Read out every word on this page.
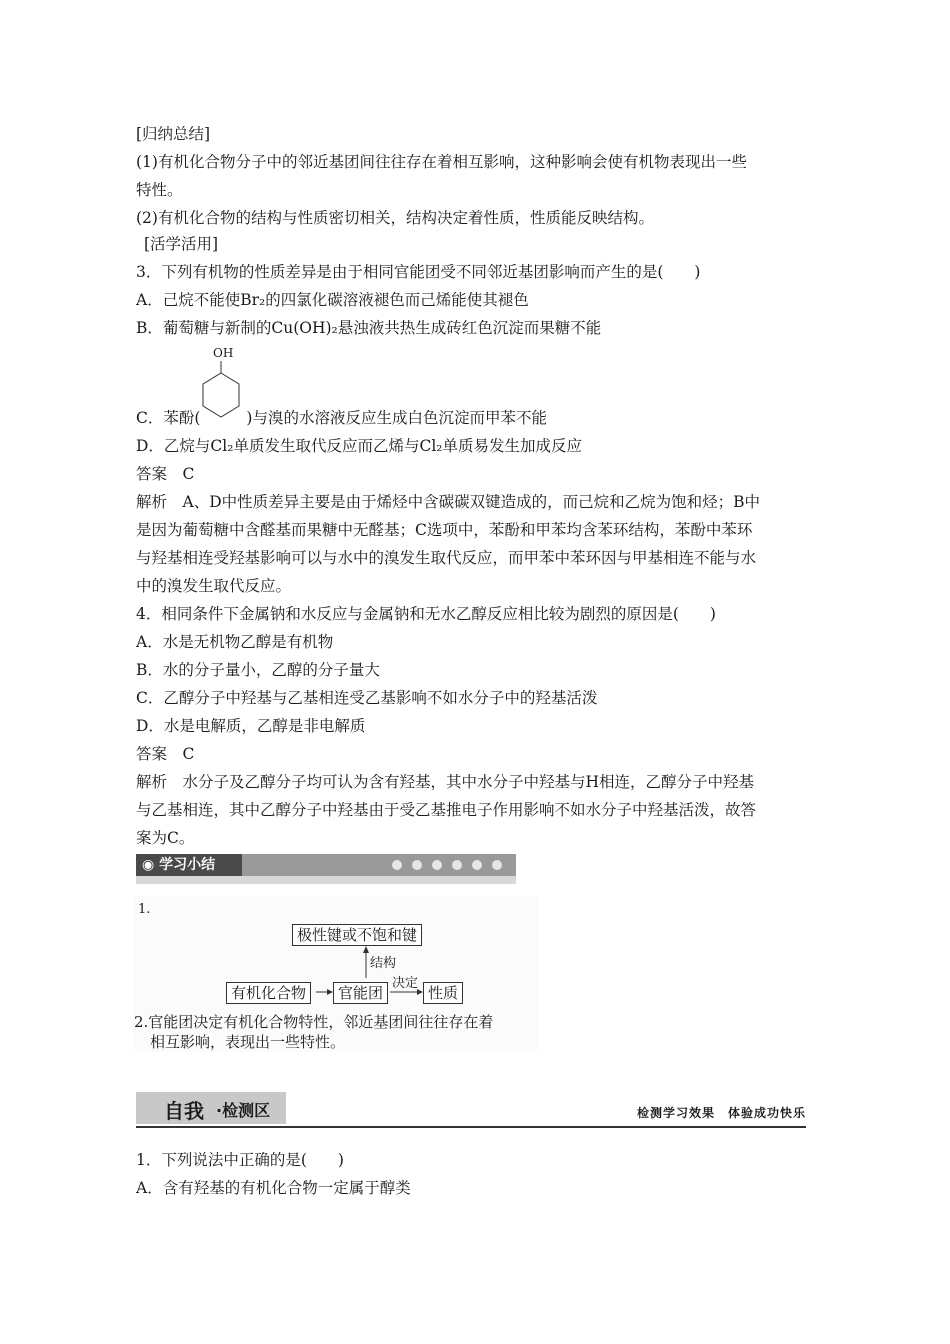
[归纳总结]
(1)有机化合物分子中的邻近基团间往往存在着相互影响，这种影响会使有机物表现出一些
特性。
(2)有机化合物的结构与性质密切相关，结构决定着性质，性质能反映结构。
[活学活用]
3．下列有机物的性质差异是由于相同官能团受不同邻近基团影响而产生的是(　　)
A．己烷不能使Br₂的四氯化碳溶液褪色而己烯能使其褪色
B．葡萄糖与新制的Cu(OH)₂悬浊液共热生成砖红色沉淀而果糖不能
OH
C．苯酚(	)与溴的水溶液反应生成白色沉淀而甲苯不能
D．乙烷与Cl₂单质发生取代反应而乙烯与Cl₂单质易发生加成反应
答案　C
解析　A、D中性质差异主要是由于烯烃中含碳碳双键造成的，而己烷和乙烷为饱和烃；B中
是因为葡萄糖中含醛基而果糖中无醛基；C选项中，苯酚和甲苯均含苯环结构，苯酚中苯环
与羟基相连受羟基影响可以与水中的溴发生取代反应，而甲苯中苯环因与甲基相连不能与水
中的溴发生取代反应。
4．相同条件下金属钠和水反应与金属钠和无水乙醇反应相比较为剧烈的原因是(　　)
A．水是无机物乙醇是有机物
B．水的分子量小，乙醇的分子量大
C．乙醇分子中羟基与乙基相连受乙基影响不如水分子中的羟基活泼
D．水是电解质，乙醇是非电解质
答案　C
解析　水分子及乙醇分子均可认为含有羟基，其中水分子中羟基与H相连，乙醇分子中羟基
与乙基相连，其中乙醇分子中羟基由于受乙基推电子作用影响不如水分子中羟基活泼，故答
案为C。
◉ 学习小结
1.
极性键或不饱和键
结构
有机化合物	官能团
决定
性质
2.官能团决定有机化合物特性，邻近基团间往往存在着
相互影响，表现出一些特性。
自我 ·检测区	检测学习效果　体验成功快乐
1．下列说法中正确的是(　　)
A．含有羟基的有机化合物一定属于醇类
